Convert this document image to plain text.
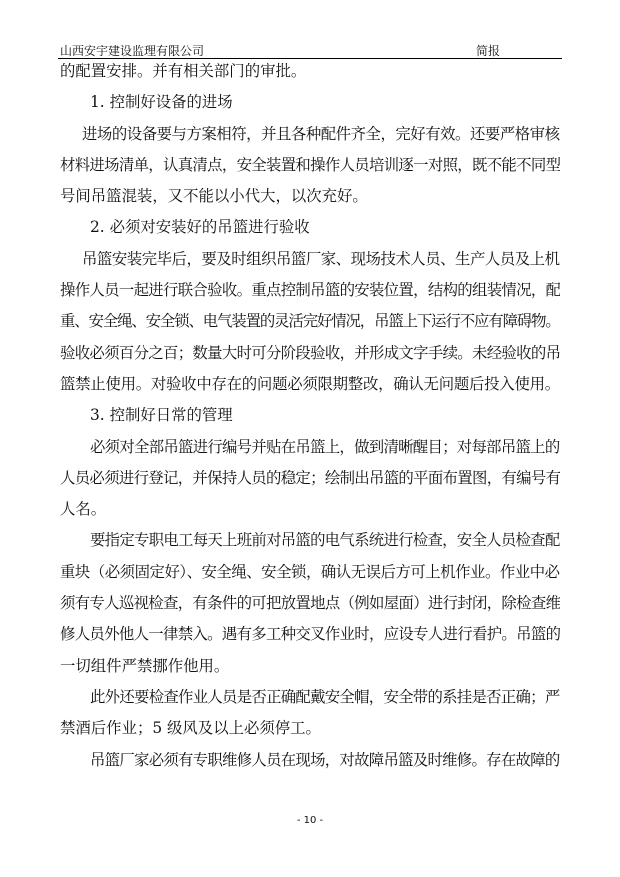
山西安宇建设监理有限公司	简报
的配置安排。并有相关部门的审批。
1. 控制好设备的进场
进场的设备要与方案相符，并且各种配件齐全，完好有效。还要严格审核
材料进场清单，认真清点，安全装置和操作人员培训逐一对照，既不能不同型
号间吊篮混装，又不能以小代大，以次充好。
2. 必须对安装好的吊篮进行验收
吊篮安装完毕后，要及时组织吊篮厂家、现场技术人员、生产人员及上机
操作人员一起进行联合验收。重点控制吊篮的安装位置，结构的组装情况，配
重、安全绳、安全锁、电气装置的灵活完好情况，吊篮上下运行不应有障碍物。
验收必须百分之百；数量大时可分阶段验收，并形成文字手续。未经验收的吊
篮禁止使用。对验收中存在的问题必须限期整改，确认无问题后投入使用。
3. 控制好日常的管理
必须对全部吊篮进行编号并贴在吊篮上，做到清晰醒目；对每部吊篮上的
人员必须进行登记，并保持人员的稳定；绘制出吊篮的平面布置图，有编号有
人名。
要指定专职电工每天上班前对吊篮的电气系统进行检查，安全人员检查配
重块（必须固定好）、安全绳、安全锁，确认无误后方可上机作业。作业中必
须有专人巡视检查，有条件的可把放置地点（例如屋面）进行封闭，除检查维
修人员外他人一律禁入。遇有多工种交叉作业时，应设专人进行看护。吊篮的
一切组件严禁挪作他用。
此外还要检查作业人员是否正确配戴安全帽，安全带的系挂是否正确；严
禁酒后作业；5 级风及以上必须停工。
吊篮厂家必须有专职维修人员在现场，对故障吊篮及时维修。存在故障的
- 10 -
